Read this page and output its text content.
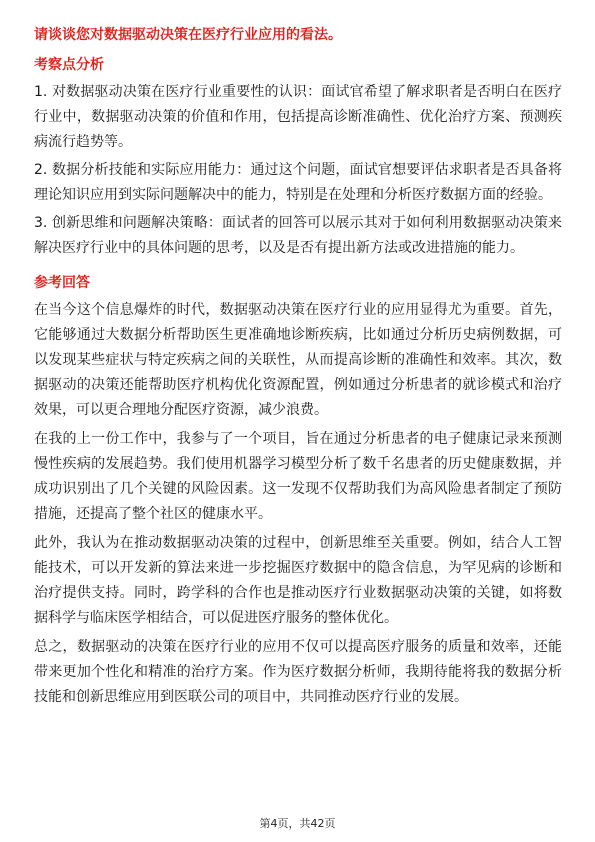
请谈谈您对数据驱动决策在医疗行业应用的看法。
考察点分析
1. 对数据驱动决策在医疗行业重要性的认识：面试官希望了解求职者是否明白在医疗行业中，数据驱动决策的价值和作用，包括提高诊断准确性、优化治疗方案、预测疾病流行趋势等。
2. 数据分析技能和实际应用能力：通过这个问题，面试官想要评估求职者是否具备将理论知识应用到实际问题解决中的能力，特别是在处理和分析医疗数据方面的经验。
3. 创新思维和问题解决策略：面试者的回答可以展示其对于如何利用数据驱动决策来解决医疗行业中的具体问题的思考，以及是否有提出新方法或改进措施的能力。
参考回答
在当今这个信息爆炸的时代，数据驱动决策在医疗行业的应用显得尤为重要。首先，它能够通过大数据分析帮助医生更准确地诊断疾病，比如通过分析历史病例数据，可以发现某些症状与特定疾病之间的关联性，从而提高诊断的准确性和效率。其次，数据驱动的决策还能帮助医疗机构优化资源配置，例如通过分析患者的就诊模式和治疗效果，可以更合理地分配医疗资源，减少浪费。
在我的上一份工作中，我参与了一个项目，旨在通过分析患者的电子健康记录来预测慢性疾病的发展趋势。我们使用机器学习模型分析了数千名患者的历史健康数据，并成功识别出了几个关键的风险因素。这一发现不仅帮助我们为高风险患者制定了预防措施，还提高了整个社区的健康水平。
此外，我认为在推动数据驱动决策的过程中，创新思维至关重要。例如，结合人工智能技术，可以开发新的算法来进一步挖掘医疗数据中的隐含信息，为罕见病的诊断和治疗提供支持。同时，跨学科的合作也是推动医疗行业数据驱动决策的关键，如将数据科学与临床医学相结合，可以促进医疗服务的整体优化。
总之，数据驱动的决策在医疗行业的应用不仅可以提高医疗服务的质量和效率，还能带来更加个性化和精准的治疗方案。作为医疗数据分析师，我期待能将我的数据分析技能和创新思维应用到医联公司的项目中，共同推动医疗行业的发展。
第4页，共42页
